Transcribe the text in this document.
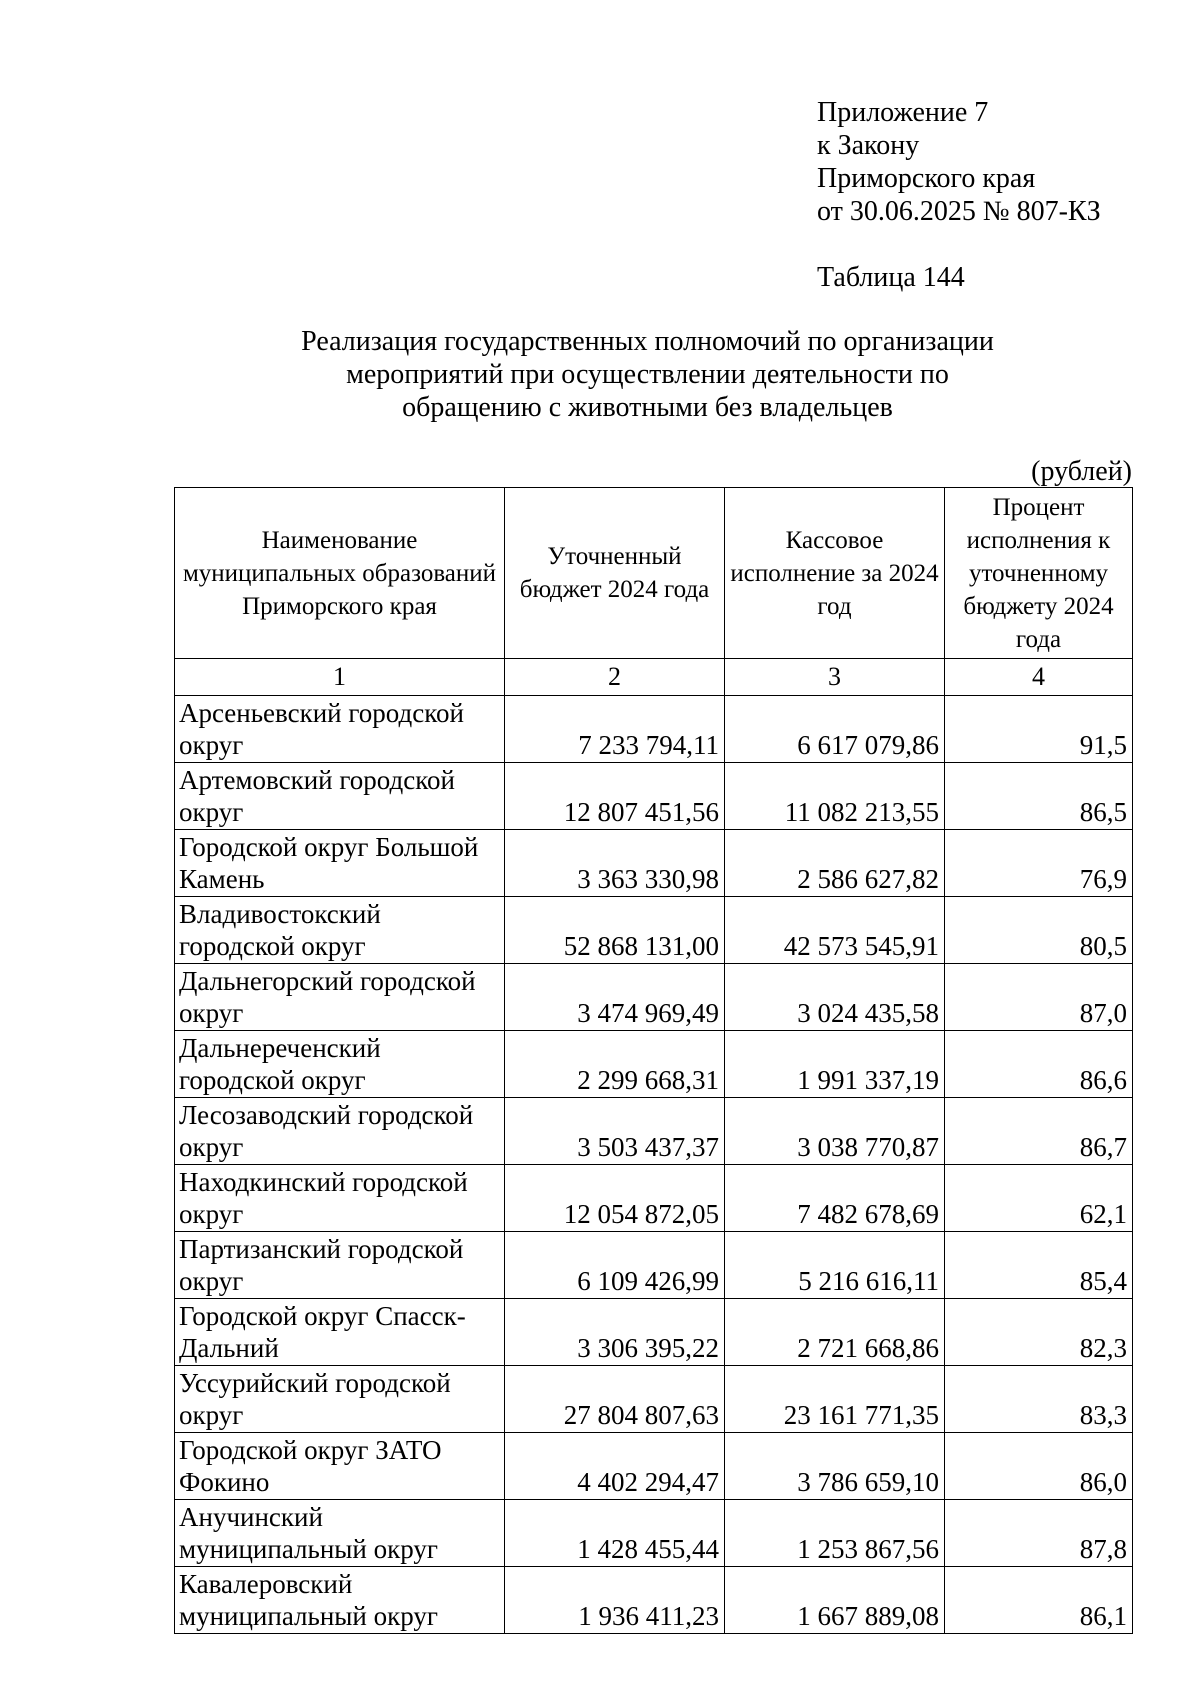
Приложение 7
к Закону
Приморского края
от 30.06.2025 № 807-КЗ
Таблица 144
Реализация государственных полномочий по организации
мероприятий при осуществлении деятельности по
обращению с животными без владельцев
(рублей)
Наименование муниципальных образований Приморского края	Уточненный бюджет 2024 года	Кассовое исполнение за 2024 год	Процент исполнения к уточненному бюджету 2024 года
1	2	3	4
Арсеньевский городской округ	7 233 794,11	6 617 079,86	91,5
Артемовский городской округ	12 807 451,56	11 082 213,55	86,5
Городской округ Большой Камень	3 363 330,98	2 586 627,82	76,9
Владивостокский городской округ	52 868 131,00	42 573 545,91	80,5
Дальнегорский городской округ	3 474 969,49	3 024 435,58	87,0
Дальнереченский городской округ	2 299 668,31	1 991 337,19	86,6
Лесозаводский городской округ	3 503 437,37	3 038 770,87	86,7
Находкинский городской округ	12 054 872,05	7 482 678,69	62,1
Партизанский городской округ	6 109 426,99	5 216 616,11	85,4
Городской округ Спасск-Дальний	3 306 395,22	2 721 668,86	82,3
Уссурийский городской округ	27 804 807,63	23 161 771,35	83,3
Городской округ ЗАТО Фокино	4 402 294,47	3 786 659,10	86,0
Анучинский муниципальный округ	1 428 455,44	1 253 867,56	87,8
Кавалеровский муниципальный округ	1 936 411,23	1 667 889,08	86,1
